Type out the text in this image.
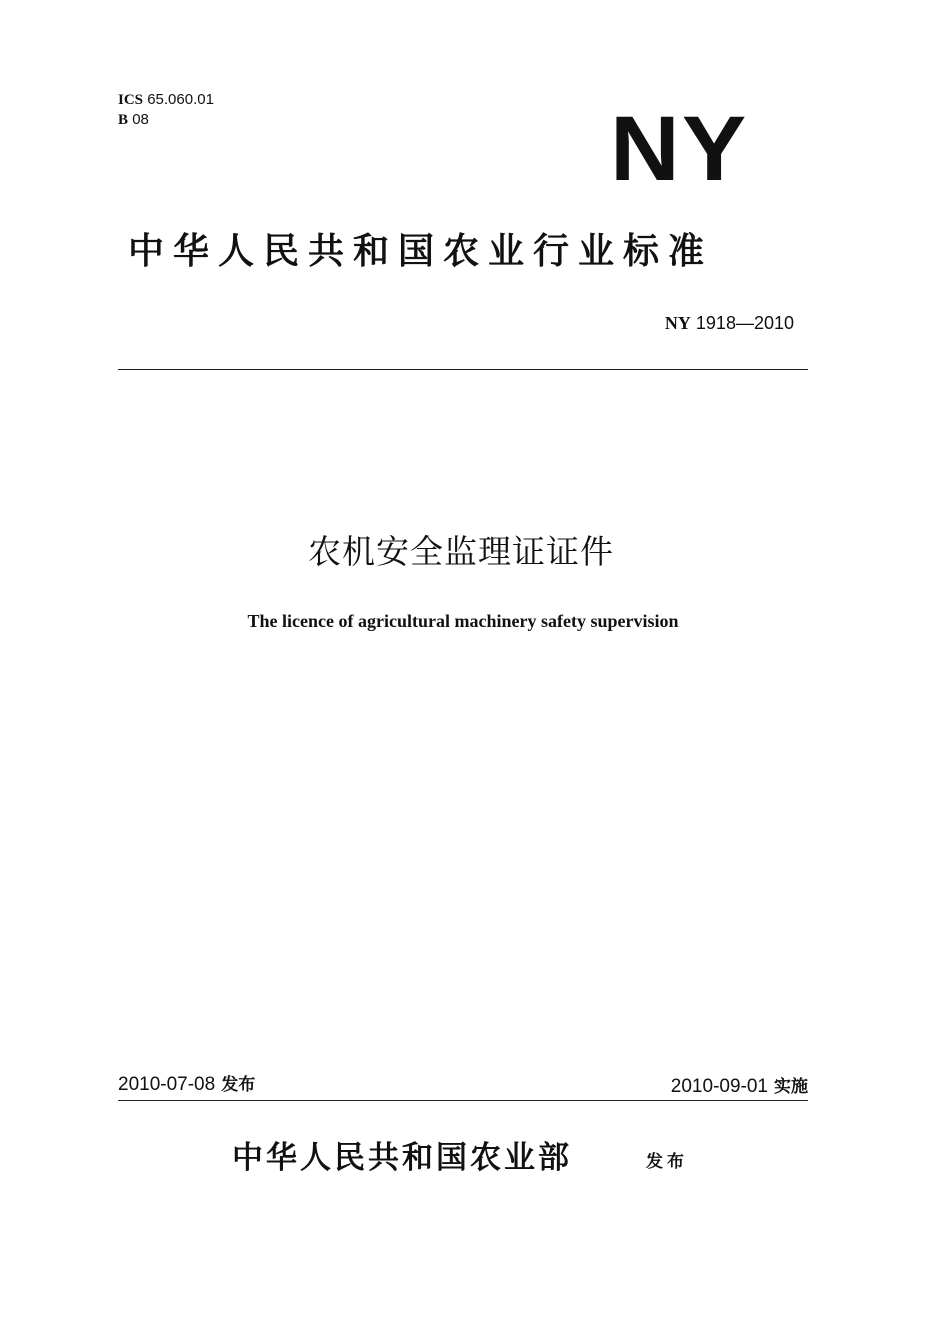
ICS 65.060.01
B 08	NY
中华人民共和国农业行业标准
NY 1918—2010
农机安全监理证证件
The licence of agricultural machinery safety supervision
2010-07-08 发布	2010-09-01 实施
中华人民共和国农业部	发布
